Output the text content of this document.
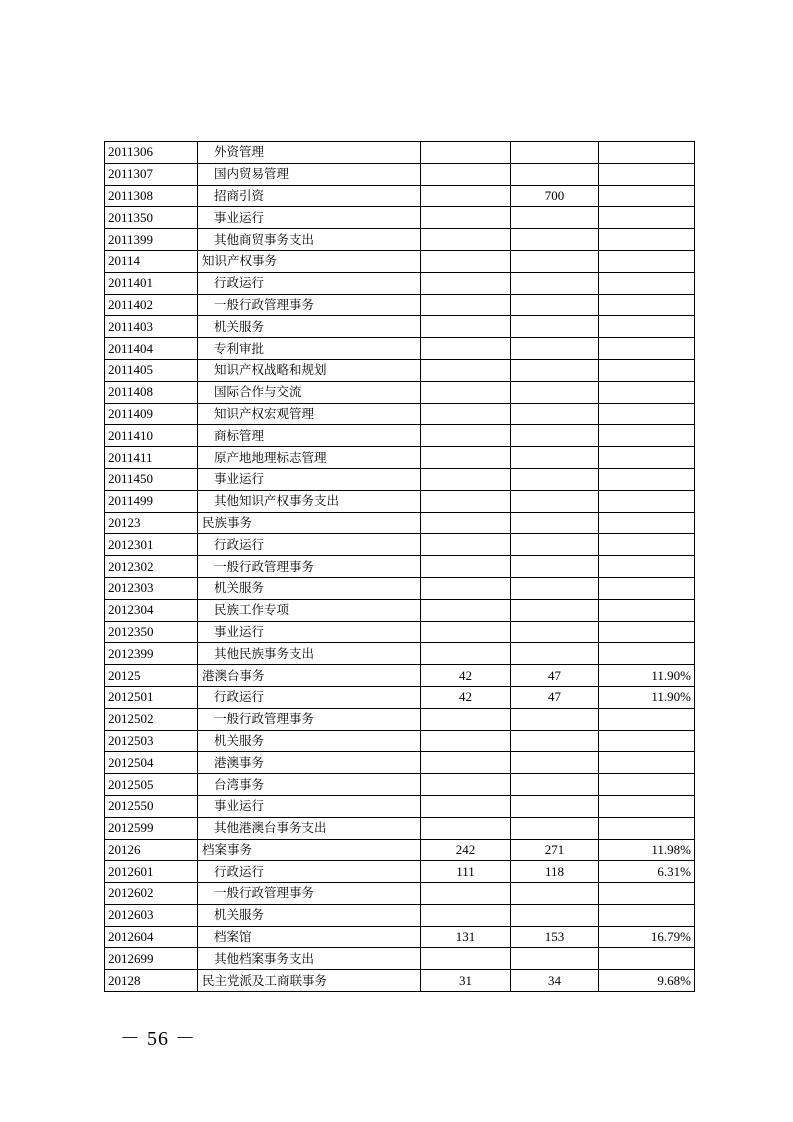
2011306	外资管理			
2011307	国内贸易管理			
2011308	招商引资		700	
2011350	事业运行			
2011399	其他商贸事务支出			
20114	知识产权事务			
2011401	行政运行			
2011402	一般行政管理事务			
2011403	机关服务			
2011404	专利审批			
2011405	知识产权战略和规划			
2011408	国际合作与交流			
2011409	知识产权宏观管理			
2011410	商标管理			
2011411	原产地地理标志管理			
2011450	事业运行			
2011499	其他知识产权事务支出			
20123	民族事务			
2012301	行政运行			
2012302	一般行政管理事务			
2012303	机关服务			
2012304	民族工作专项			
2012350	事业运行			
2012399	其他民族事务支出			
20125	港澳台事务	42	47	11.90%
2012501	行政运行	42	47	11.90%
2012502	一般行政管理事务			
2012503	机关服务			
2012504	港澳事务			
2012505	台湾事务			
2012550	事业运行			
2012599	其他港澳台事务支出			
20126	档案事务	242	271	11.98%
2012601	行政运行	111	118	6.31%
2012602	一般行政管理事务			
2012603	机关服务			
2012604	档案馆	131	153	16.79%
2012699	其他档案事务支出			
20128	民主党派及工商联事务	31	34	9.68%
－ 56 －
